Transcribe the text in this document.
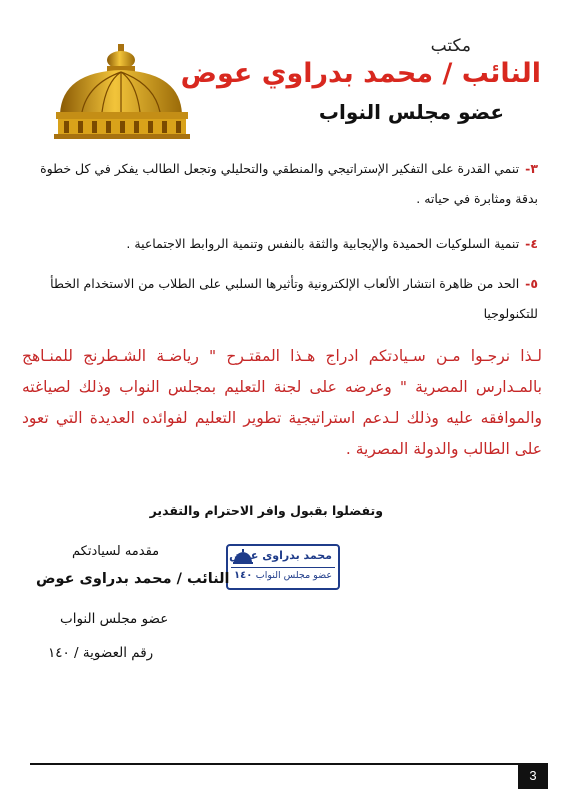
مكتب
النائب / محمد بدراوي عوض
عضو مجلس النواب
٣- تنمي القدرة على التفكير الإستراتيجي والمنطقي والتحليلي وتجعل الطالب يفكر في كل خطوة بدقة ومثابرة في حياته .
٤- تنمية السلوكيات الحميدة والإيجابية والثقة بالنفس وتنمية الروابط الاجتماعية .
٥- الحد من ظاهرة انتشار الألعاب الإلكترونية وتأثيرها السلبي على الطلاب من الاستخدام الخطأ للتكنولوجيا
لـذا نرجـوا مـن سـيادتكم ادراج هـذا المقتـرح " رياضـة الشـطرنج للمنـاهج بالمـدارس المصرية " وعرضه على لجنة التعليم بمجلس النواب وذلك لصياغته والموافقه عليه وذلك لـدعم استراتيجية تطوير التعليم لفوائده العديدة التي تعود على الطالب والدولة المصرية .
وتفضلوا بقبول وافر الاحترام والتقدير
محمد بدراوى عوض
عضو مجلس النواب
١٤٠
مقدمه لسيادتكم
النائب / محمد بدراوى عوض
عضو مجلس النواب
رقم العضوية / ١٤٠
3
